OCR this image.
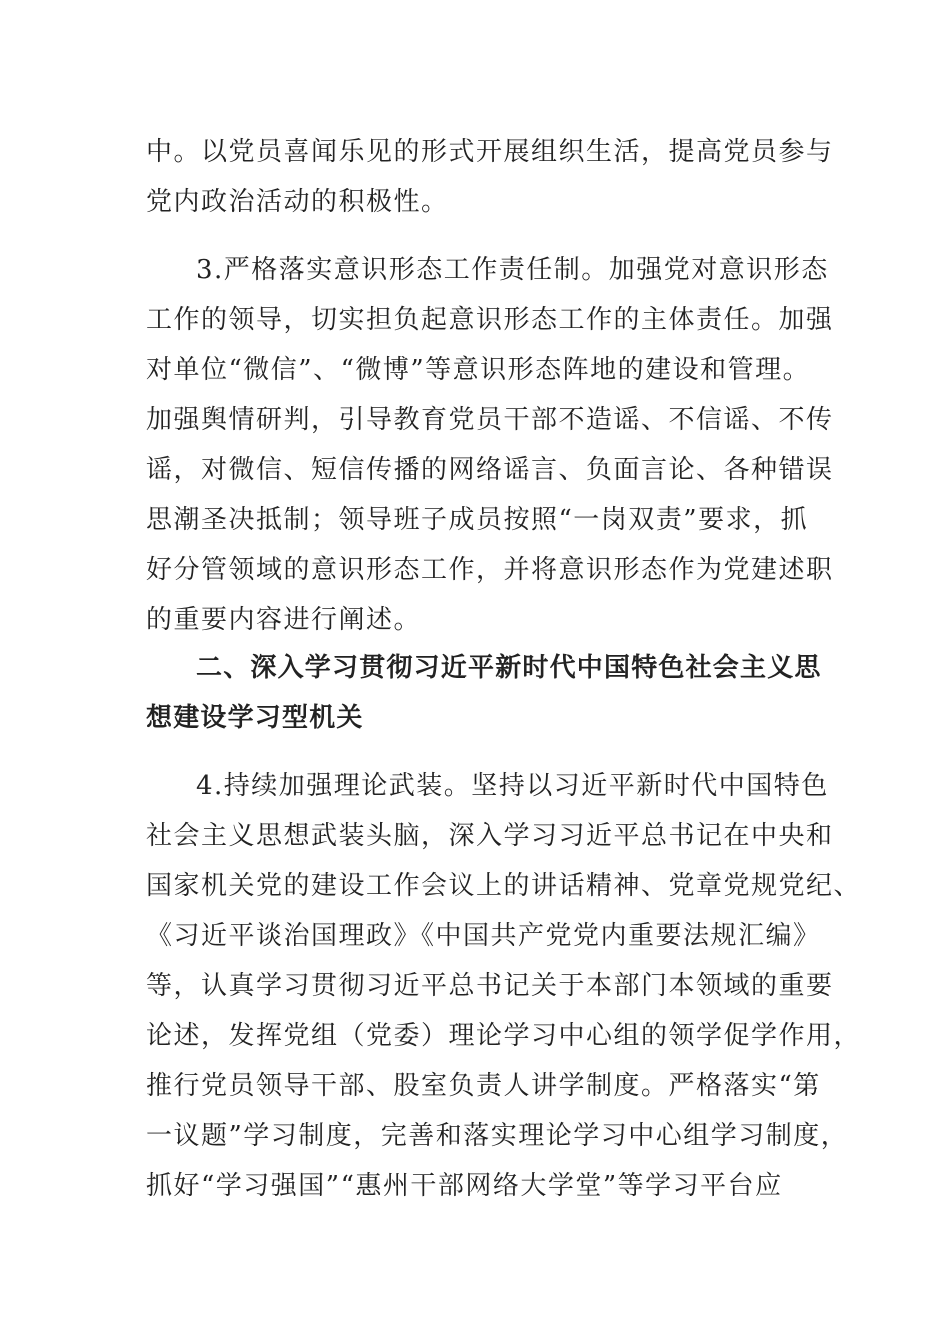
中。以党员喜闻乐见的形式开展组织生活，提高党员参与
党内政治活动的积极性。
3.严格落实意识形态工作责任制。加强党对意识形态
工作的领导，切实担负起意识形态工作的主体责任。加强
对单位“微信”、“微博”等意识形态阵地的建设和管理。
加强舆情研判，引导教育党员干部不造谣、不信谣、不传
谣，对微信、短信传播的网络谣言、负面言论、各种错误
思潮圣决抵制；领导班子成员按照“一岗双责”要求，抓
好分管领域的意识形态工作，并将意识形态作为党建述职
的重要内容进行阐述。
二、深入学习贯彻习近平新时代中国特色社会主义思
想建设学习型机关
4.持续加强理论武装。坚持以习近平新时代中国特色
社会主义思想武装头脑，深入学习习近平总书记在中央和
国家机关党的建设工作会议上的讲话精神、党章党规党纪、
《习近平谈治国理政》《中国共产党党内重要法规汇编》
等，认真学习贯彻习近平总书记关于本部门本领域的重要
论述，发挥党组（党委）理论学习中心组的领学促学作用，
推行党员领导干部、股室负责人讲学制度。严格落实“第
一议题”学习制度，完善和落实理论学习中心组学习制度，
抓好“学习强国”“惠州干部网络大学堂”等学习平台应
